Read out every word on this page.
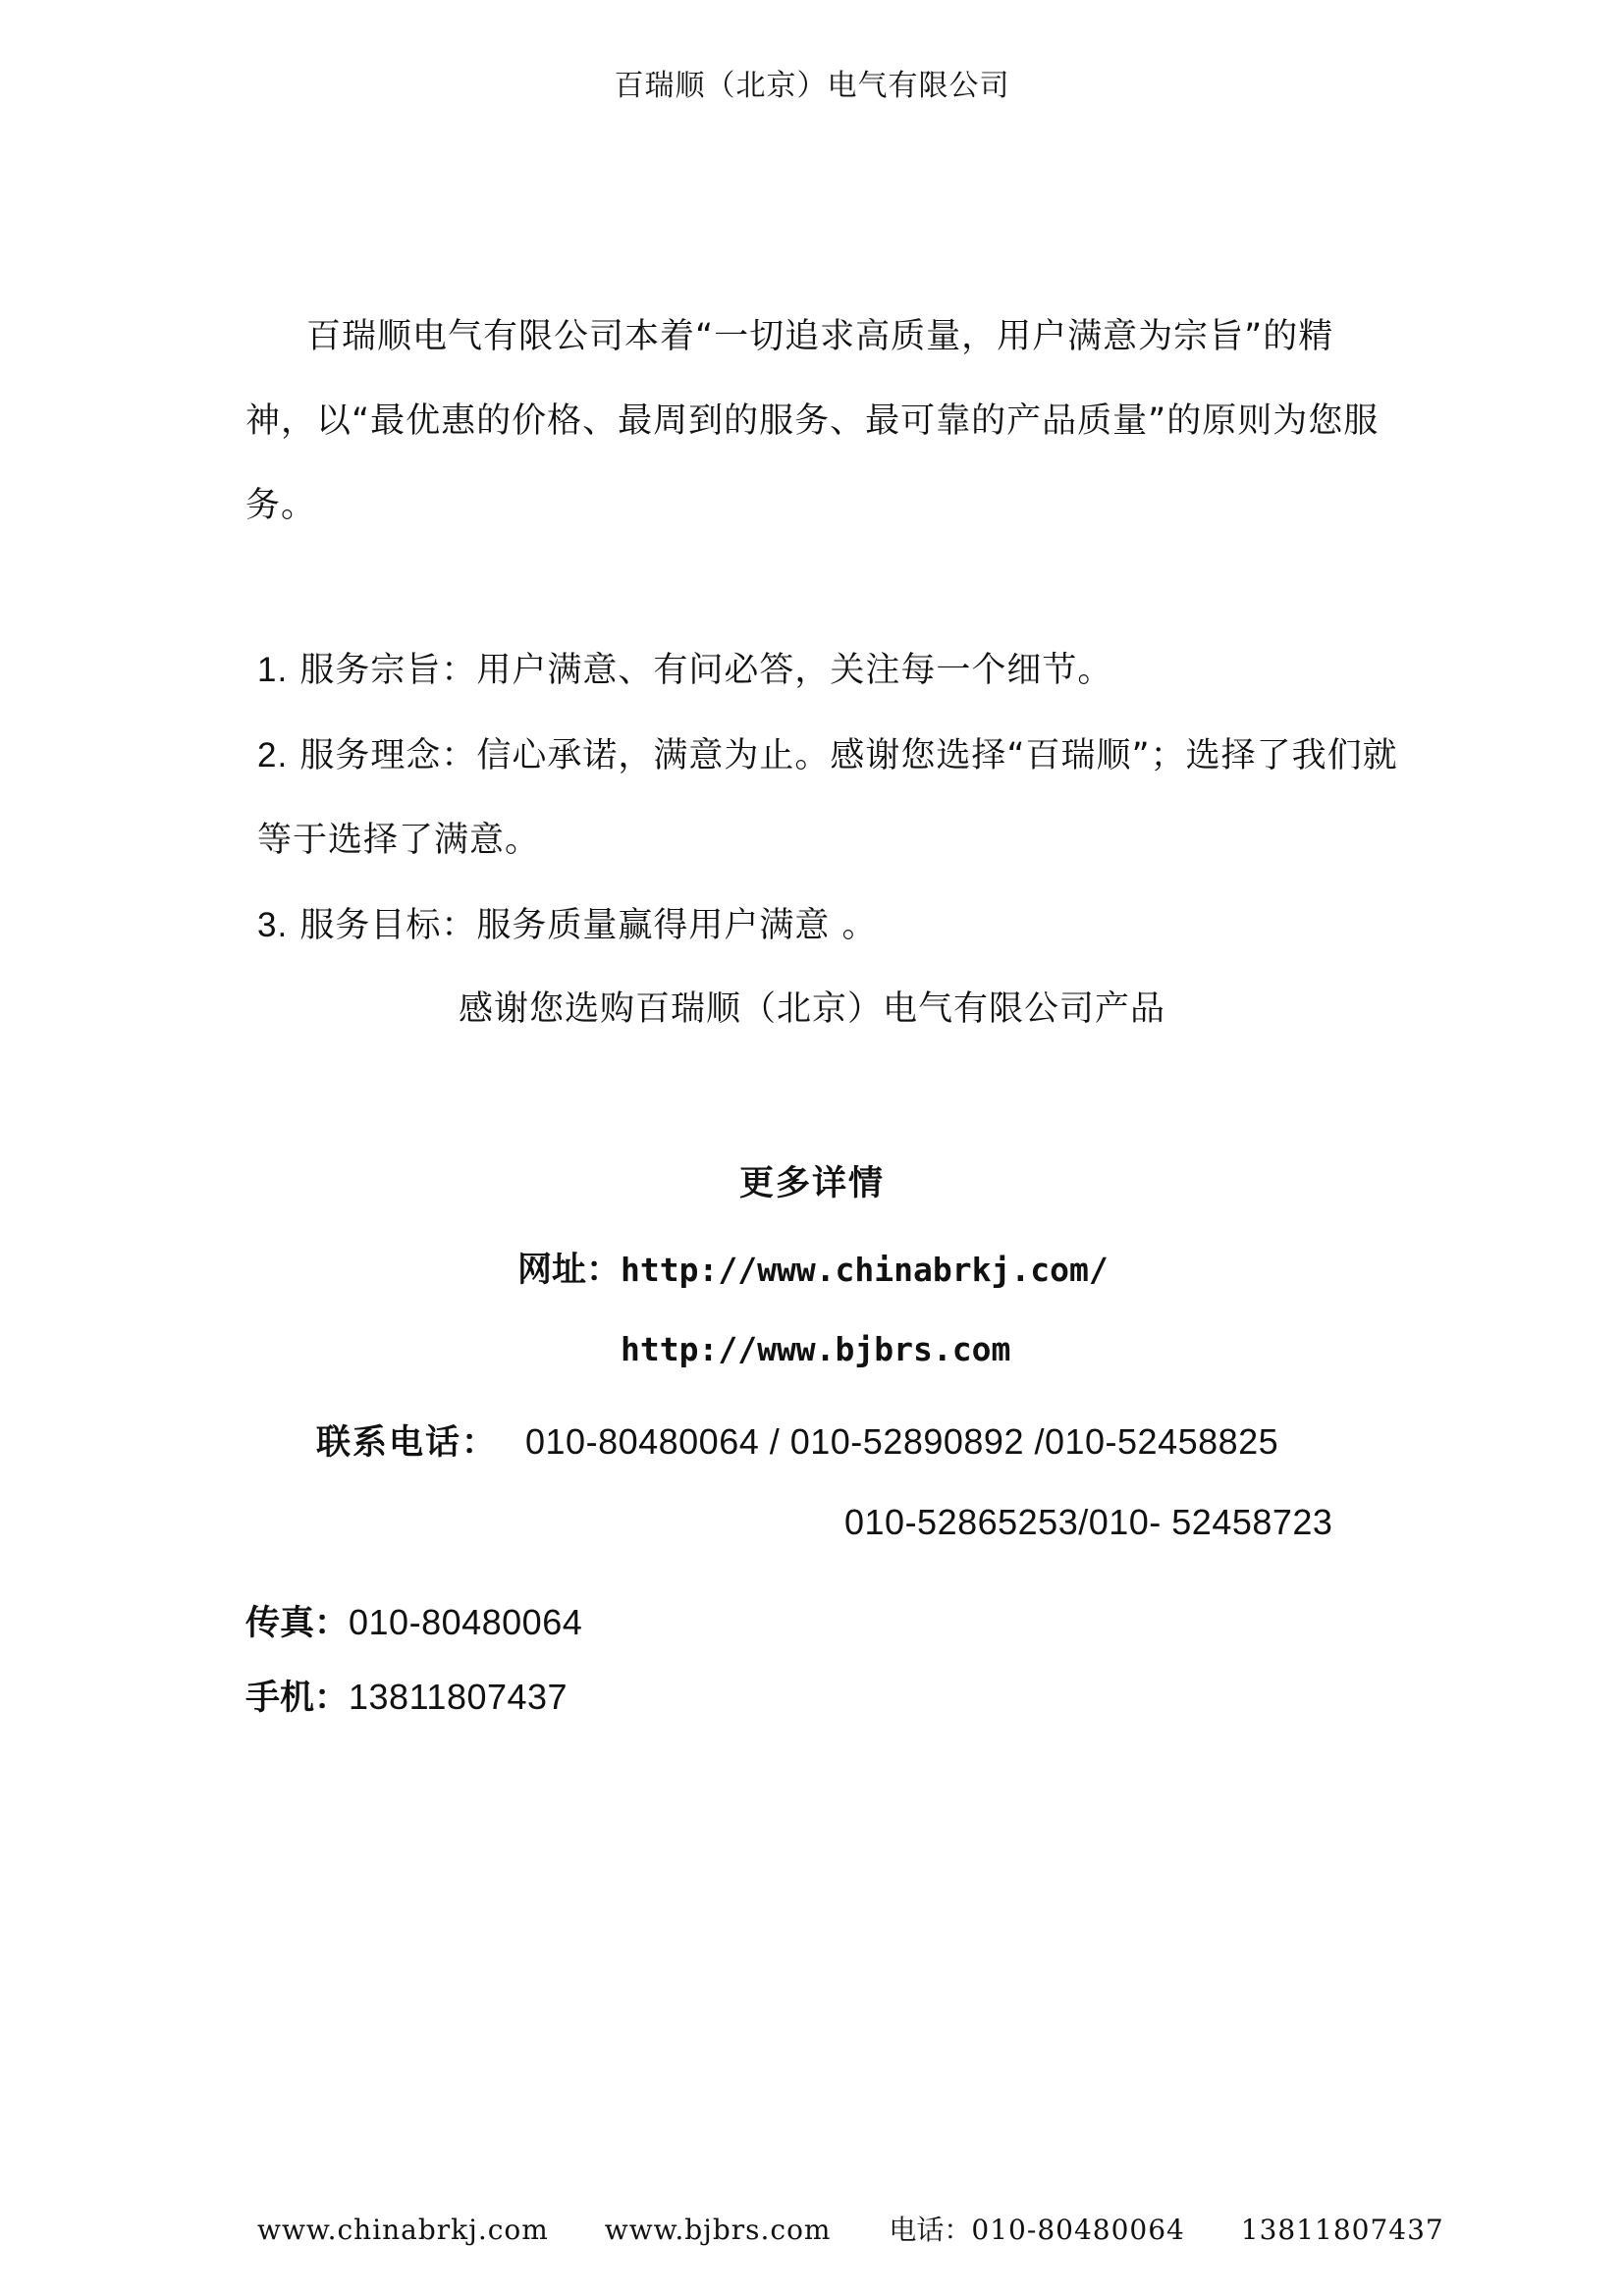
百瑞顺（北京）电气有限公司
百瑞顺电气有限公司本着“一切追求高质量，用户满意为宗旨”的精神，以“最优惠的价格、最周到的服务、最可靠的产品质量”的原则为您服务。
1. 服务宗旨：用户满意、有问必答，关注每一个细节。
2. 服务理念：信心承诺，满意为止。感谢您选择“百瑞顺”；选择了我们就等于选择了满意。
3. 服务目标：服务质量赢得用户满意 。
感谢您选购百瑞顺（北京）电气有限公司产品
更多详情
网址：http://www.chinabrkj.com/
http://www.bjbrs.com
联系电话： 010-80480064 / 010-52890892 /010-52458825
010-52865253/010- 52458723
传真：010-80480064
手机：13811807437
www.chinabrkj.com www.bjbrs.com 电话：010-80480064 13811807437
